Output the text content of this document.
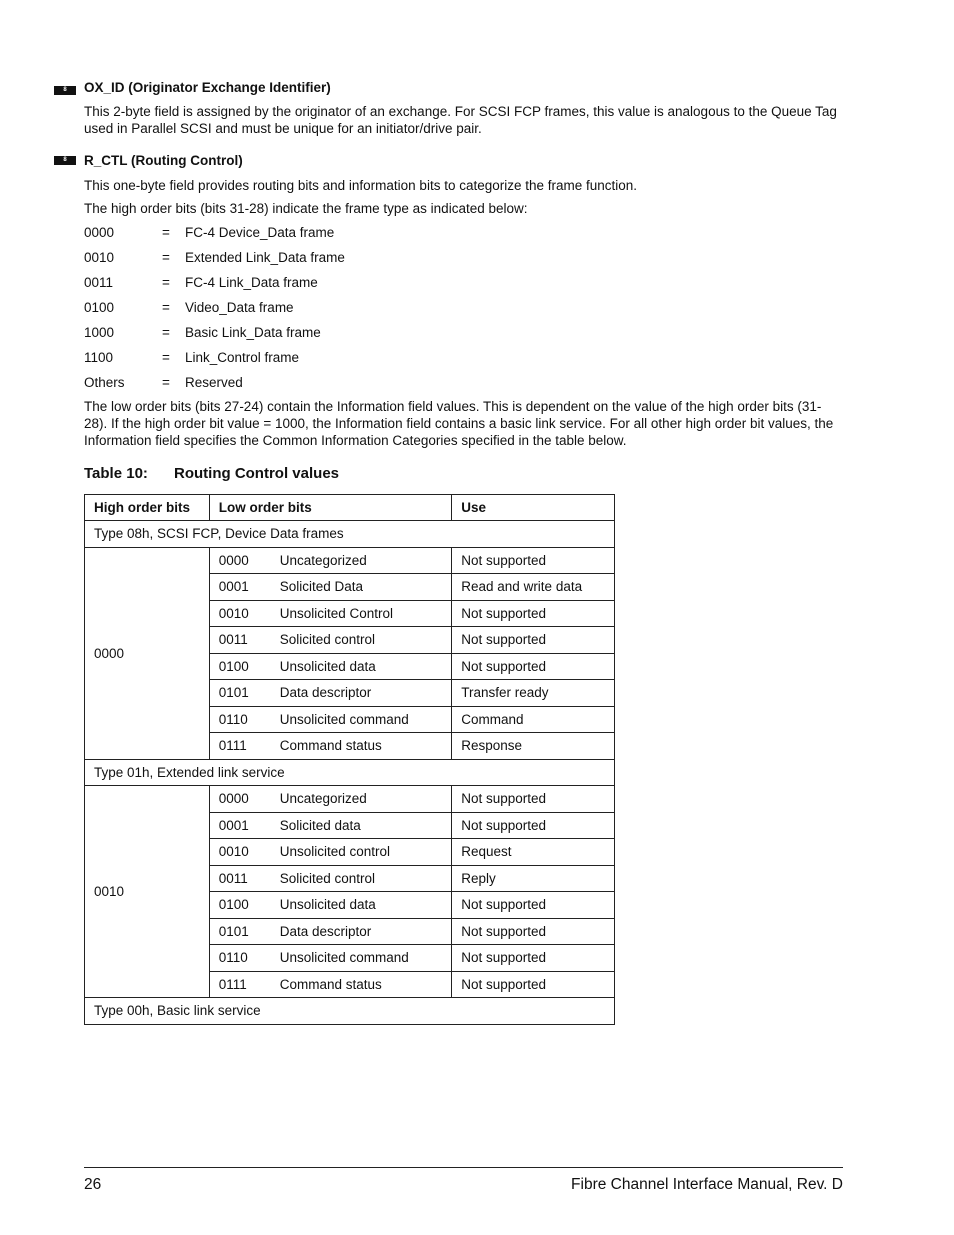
8	OX_ID (Originator Exchange Identifier)
This 2-byte field is assigned by the originator of an exchange. For SCSI FCP frames, this value is analogous to the Queue Tag used in Parallel SCSI and must be unique for an initiator/drive pair.
8	R_CTL (Routing Control)
This one-byte field provides routing bits and information bits to categorize the frame function.
The high order bits (bits 31-28) indicate the frame type as indicated below:
0000	= FC-4 Device_Data frame
0010	= Extended Link_Data frame
0011	= FC-4 Link_Data frame
0100	= Video_Data frame
1000	= Basic Link_Data frame
1100	= Link_Control frame
Others	= Reserved
The low order bits (bits 27-24) contain the Information field values. This is dependent on the value of the high order bits (31-28). If the high order bit value = 1000, the Information field contains a basic link service. For all other high order bit values, the Information field specifies the Common Information Categories specified in the table below.
Table 10: Routing Control values
High order bits	Low order bits	Use
Type 08h, SCSI FCP, Device Data frames		
0000	0000 Uncategorized	Not supported
	0001 Solicited Data	Read and write data
	0010 Unsolicited Control	Not supported
	0011 Solicited control	Not supported
	0100 Unsolicited data	Not supported
	0101 Data descriptor	Transfer ready
	0110 Unsolicited command	Command
	0111 Command status	Response
Type 01h, Extended link service		
0010	0000 Uncategorized	Not supported
	0001 Solicited data	Not supported
	0010 Unsolicited control	Request
	0011 Solicited control	Reply
	0100 Unsolicited data	Not supported
	0101 Data descriptor	Not supported
	0110 Unsolicited command	Not supported
	0111 Command status	Not supported
Type 00h, Basic link service		
26	Fibre Channel Interface Manual, Rev. D
